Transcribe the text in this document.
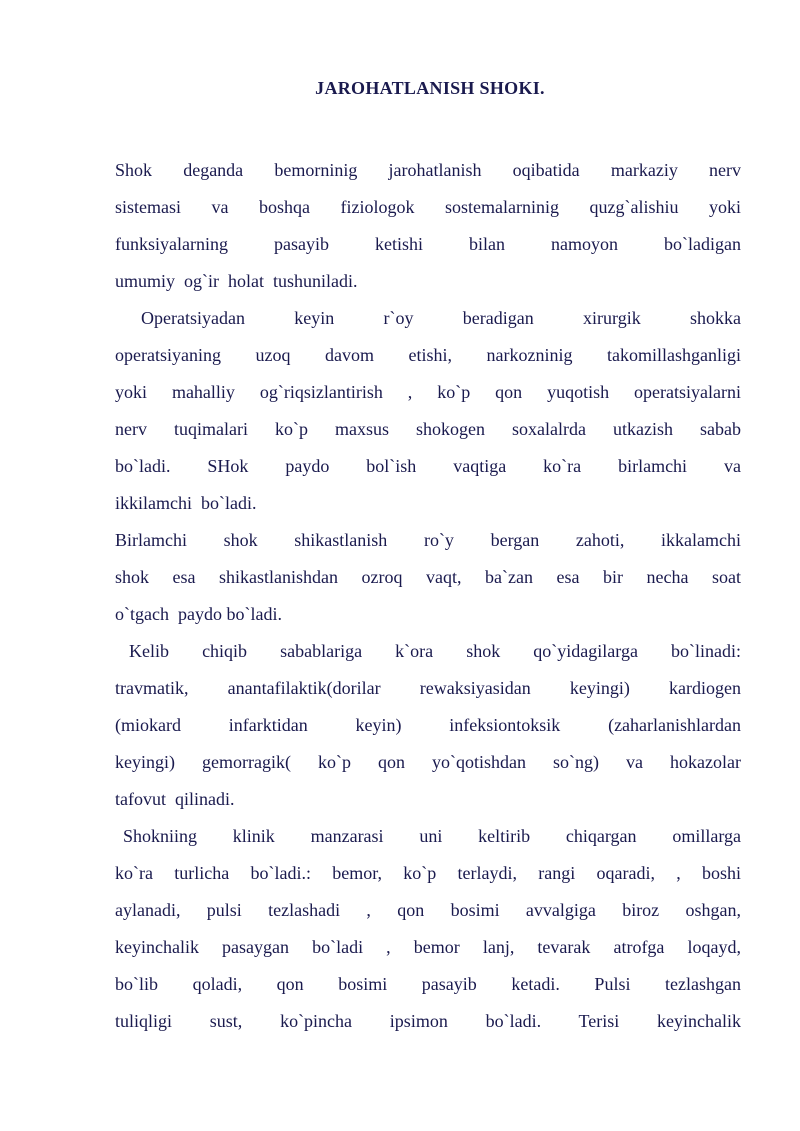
JAROHATLANISH SHOKI.
Shok deganda bemorninig jarohatlanish oqibatida markaziy nerv
sistemasi va boshqa fiziologok sostemalarninig quzg`alishiu yoki
funksiyalarning pasayib ketishi bilan namoyon bo`ladigan
umumiy  og`ir  holat  tushuniladi.
Operatsiyadan keyin r`oy beradigan xirurgik shokka
operatsiyaning uzoq davom etishi, narkozninig takomillashganligi
yoki mahalliy og`riqsizlantirish , ko`p qon yuqotish operatsiyalarni
nerv tuqimalari ko`p maxsus shokogen soxalalrda utkazish sabab
bo`ladi. SHok paydo bol`ish vaqtiga ko`ra birlamchi va
ikkilamchi  bo`ladi.
Birlamchi shok shikastlanish ro`y bergan zahoti, ikkalamchi
shok esa shikastlanishdan ozroq vaqt, ba`zan esa bir necha soat
o`tgach  paydo bo`ladi.
Kelib chiqib sabablariga k`ora shok qo`yidagilarga bo`linadi:
travmatik, anantafilaktik(dorilar rewaksiyasidan keyingi) kardiogen
(miokard infarktidan keyin) infeksiontoksik (zaharlanishlardan
keyingi) gemorragik( ko`p qon yo`qotishdan so`ng) va hokazolar
tafovut  qilinadi.
Shokniing klinik manzarasi uni keltirib chiqargan omillarga
ko`ra turlicha bo`ladi.: bemor, ko`p terlaydi, rangi oqaradi, , boshi
aylanadi, pulsi tezlashadi , qon bosimi avvalgiga biroz oshgan,
keyinchalik pasaygan bo`ladi , bemor lanj, tevarak atrofga loqayd,
bo`lib qoladi, qon bosimi pasayib ketadi. Pulsi tezlashgan
tuliqligi sust, ko`pincha ipsimon bo`ladi. Terisi keyinchalik
